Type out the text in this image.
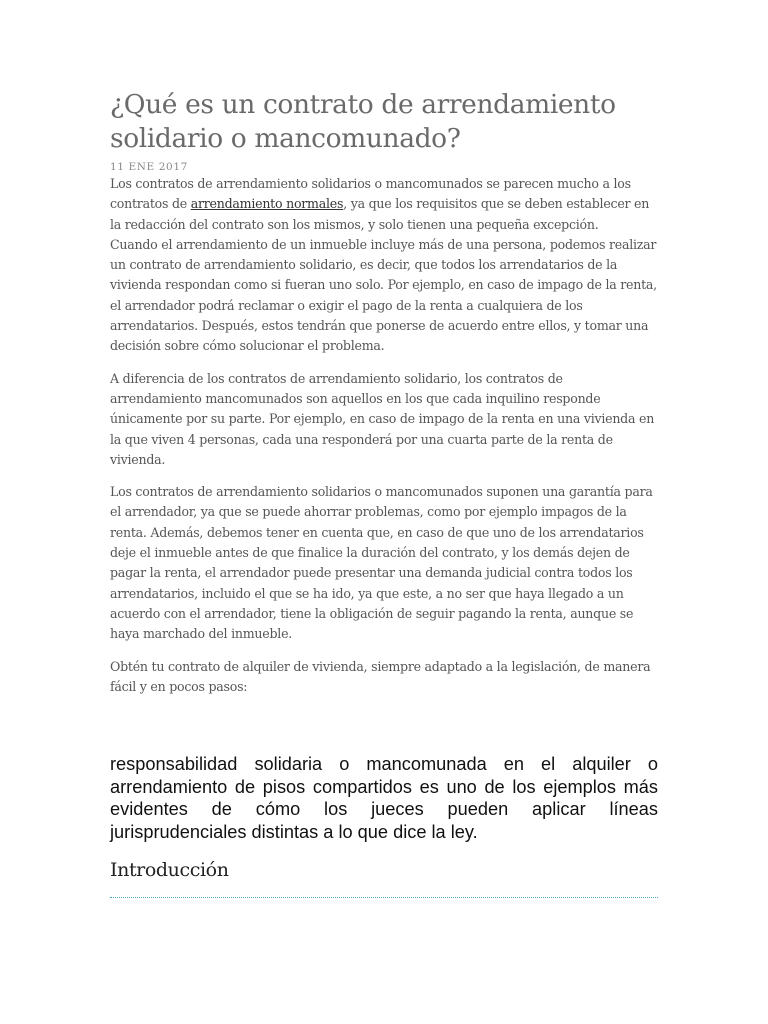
¿Qué es un contrato de arrendamiento solidario o mancomunado?
11 ENE 2017
Los contratos de arrendamiento solidarios o mancomunados se parecen mucho a los contratos de arrendamiento normales, ya que los requisitos que se deben establecer en la redacción del contrato son los mismos, y solo tienen una pequeña excepción.
Cuando el arrendamiento de un inmueble incluye más de una persona, podemos realizar un contrato de arrendamiento solidario, es decir, que todos los arrendatarios de la vivienda respondan como si fueran uno solo. Por ejemplo, en caso de impago de la renta, el arrendador podrá reclamar o exigir el pago de la renta a cualquiera de los arrendatarios. Después, estos tendrán que ponerse de acuerdo entre ellos, y tomar una decisión sobre cómo solucionar el problema.
A diferencia de los contratos de arrendamiento solidario, los contratos de arrendamiento mancomunados son aquellos en los que cada inquilino responde únicamente por su parte. Por ejemplo, en caso de impago de la renta en una vivienda en la que viven 4 personas, cada una responderá por una cuarta parte de la renta de vivienda.
Los contratos de arrendamiento solidarios o mancomunados suponen una garantía para el arrendador, ya que se puede ahorrar problemas, como por ejemplo impagos de la renta. Además, debemos tener en cuenta que, en caso de que uno de los arrendatarios deje el inmueble antes de que finalice la duración del contrato, y los demás dejen de pagar la renta, el arrendador puede presentar una demanda judicial contra todos los arrendatarios, incluido el que se ha ido, ya que este, a no ser que haya llegado a un acuerdo con el arrendador, tiene la obligación de seguir pagando la renta, aunque se haya marchado del inmueble.
Obtén tu contrato de alquiler de vivienda, siempre adaptado a la legislación, de manera fácil y en pocos pasos:
responsabilidad solidaria o mancomunada en el alquiler o arrendamiento de pisos compartidos es uno de los ejemplos más evidentes de cómo los jueces pueden aplicar líneas jurisprudenciales distintas a lo que dice la ley.
Introducción
